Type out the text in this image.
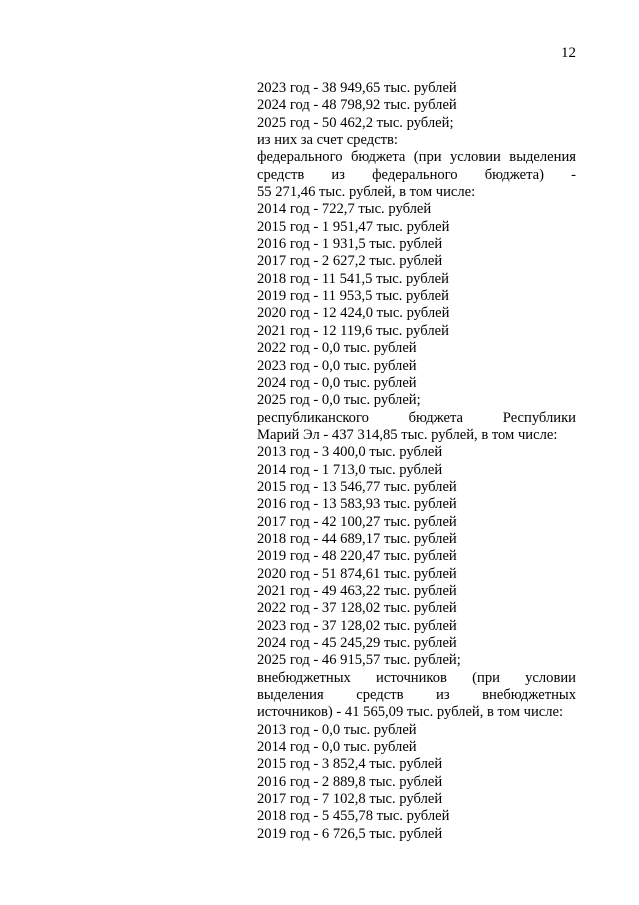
12
2023 год - 38 949,65 тыс. рублей
2024 год - 48 798,92 тыс. рублей
2025 год - 50 462,2 тыс. рублей;
из них за счет средств:
федерального бюджета (при условии выделения
средств из федерального бюджета) -
55 271,46 тыс. рублей, в том числе:
2014 год - 722,7 тыс. рублей
2015 год - 1 951,47 тыс. рублей
2016 год - 1 931,5 тыс. рублей
2017 год - 2 627,2 тыс. рублей
2018 год - 11 541,5 тыс. рублей
2019 год - 11 953,5 тыс. рублей
2020 год - 12 424,0 тыс. рублей
2021 год - 12 119,6 тыс. рублей
2022 год - 0,0 тыс. рублей
2023 год - 0,0 тыс. рублей
2024 год - 0,0 тыс. рублей
2025 год - 0,0 тыс. рублей;
республиканского бюджета Республики
Марий Эл - 437 314,85 тыс. рублей, в том числе:
2013 год - 3 400,0 тыс. рублей
2014 год - 1 713,0 тыс. рублей
2015 год - 13 546,77 тыс. рублей
2016 год - 13 583,93 тыс. рублей
2017 год - 42 100,27 тыс. рублей
2018 год - 44 689,17 тыс. рублей
2019 год - 48 220,47 тыс. рублей
2020 год - 51 874,61 тыс. рублей
2021 год - 49 463,22 тыс. рублей
2022 год - 37 128,02 тыс. рублей
2023 год - 37 128,02 тыс. рублей
2024 год - 45 245,29 тыс. рублей
2025 год - 46 915,57 тыс. рублей;
внебюджетных источников (при условии
выделения средств из внебюджетных
источников) - 41 565,09 тыс. рублей, в том числе:
2013 год - 0,0 тыс. рублей
2014 год - 0,0 тыс. рублей
2015 год - 3 852,4 тыс. рублей
2016 год - 2 889,8 тыс. рублей
2017 год - 7 102,8 тыс. рублей
2018 год - 5 455,78 тыс. рублей
2019 год - 6 726,5 тыс. рублей
